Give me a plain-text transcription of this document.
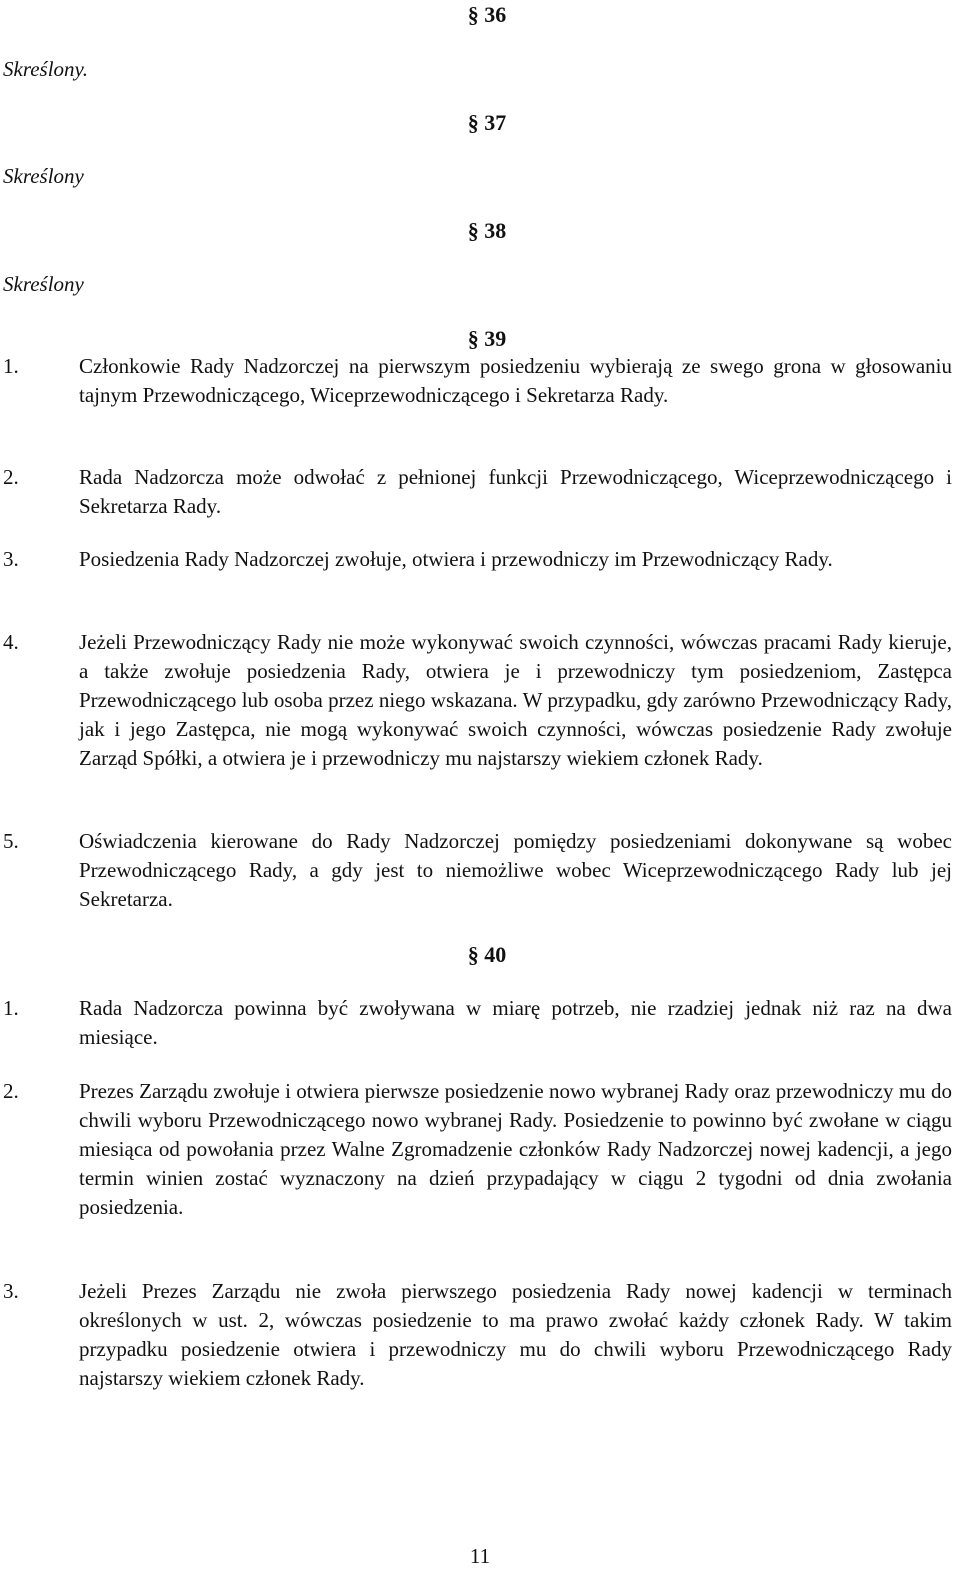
§ 36
Skreślony.
§ 37
Skreślony
§ 38
Skreślony
§ 39
1.	Członkowie Rady Nadzorczej na pierwszym posiedzeniu wybierają ze swego grona w głosowaniu tajnym Przewodniczącego, Wiceprzewodniczącego i Sekretarza Rady.
2.	Rada Nadzorcza może odwołać z pełnionej funkcji Przewodniczącego, Wiceprzewodniczącego i Sekretarza Rady.
3.	Posiedzenia Rady Nadzorczej zwołuje, otwiera i przewodniczy im Przewodniczący Rady.
4.	Jeżeli Przewodniczący Rady nie może wykonywać swoich czynności, wówczas pracami Rady kieruje, a także zwołuje posiedzenia Rady, otwiera je i przewodniczy tym posiedzeniom, Zastępca Przewodniczącego lub osoba przez niego wskazana. W przypadku, gdy zarówno Przewodniczący Rady, jak i jego Zastępca, nie mogą wykonywać swoich czynności, wówczas posiedzenie Rady zwołuje Zarząd Spółki, a otwiera je i przewodniczy mu najstarszy wiekiem członek Rady.
5.	Oświadczenia kierowane do Rady Nadzorczej pomiędzy posiedzeniami dokonywane są wobec Przewodniczącego Rady, a gdy jest to niemożliwe wobec Wiceprzewodniczącego Rady lub jej Sekretarza.
§ 40
1.	Rada Nadzorcza powinna być zwoływana w miarę potrzeb, nie rzadziej jednak niż raz na dwa miesiące.
2.	Prezes Zarządu zwołuje i otwiera pierwsze posiedzenie nowo wybranej Rady oraz przewodniczy mu do chwili wyboru Przewodniczącego nowo wybranej Rady. Posiedzenie to powinno być zwołane w ciągu miesiąca od powołania przez Walne Zgromadzenie członków Rady Nadzorczej nowej kadencji, a jego termin winien zostać wyznaczony na dzień przypadający w ciągu 2 tygodni od dnia zwołania posiedzenia.
3.	Jeżeli Prezes Zarządu nie zwoła pierwszego posiedzenia Rady nowej kadencji w terminach określonych w ust. 2, wówczas posiedzenie to ma prawo zwołać każdy członek Rady. W takim przypadku posiedzenie otwiera i przewodniczy mu do chwili wyboru Przewodniczącego Rady najstarszy wiekiem członek Rady.
11
